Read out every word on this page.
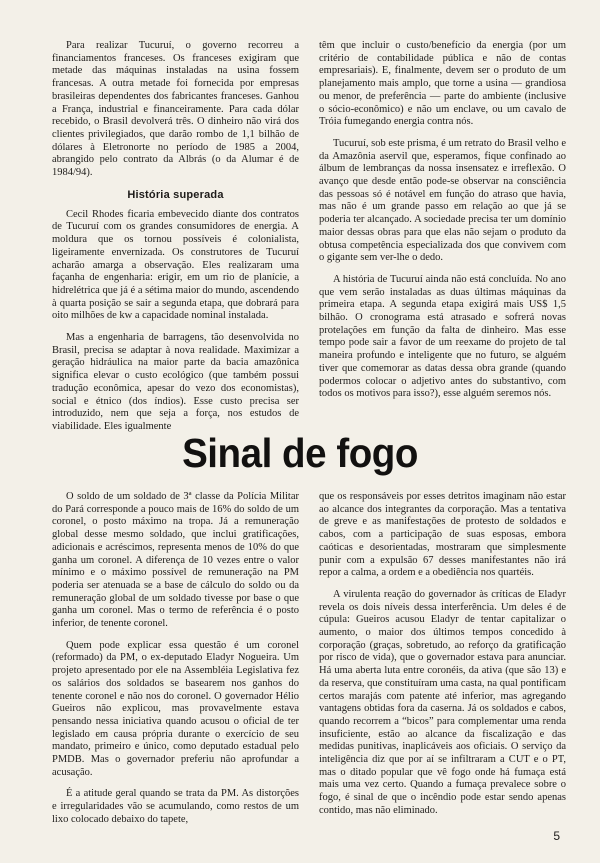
Para realizar Tucuruí, o governo recorreu a financiamentos franceses. Os franceses exigiram que metade das máquinas instaladas na usina fossem francesas. A outra metade foi fornecida por empresas brasileiras dependentes dos fabricantes franceses. Ganhou a França, industrial e financeiramente. Para cada dólar recebido, o Brasil devolverá três. O dinheiro não virá dos clientes privilegiados, que darão rombo de 1,1 bilhão de dólares à Eletronorte no período de 1985 a 2004, abrangido pelo contrato da Albrás (o da Alumar é de 1984/94).

História superada

Cecil Rhodes ficaria embevecido diante dos contratos de Tucuruí com os grandes consumidores de energia. A moldura que os tornou possíveis é colonialista, ligeiramente envernizada. Os construtores de Tucuruí acharão amarga a observação. Eles realizaram uma façanha de engenharia: erigir, em um rio de planície, a hidrelétrica que já é a sétima maior do mundo, ascendendo à quarta posição se sair a segunda etapa, que dobrará para oito milhões de kw a capacidade nominal instalada.

Mas a engenharia de barragens, tão desenvolvida no Brasil, precisa se adaptar à nova realidade. Maximizar a geração hidráulica na maior parte da bacia amazônica significa elevar o custo ecológico (que também possui tradução econômica, apesar do vezo dos economistas), social e étnico (dos índios). Esse custo precisa ser introduzido, nem que seja a força, nos estudos de viabilidade. Eles igualmente

têm que incluir o custo/benefício da energia (por um critério de contabilidade pública e não de contas empresariais). E, finalmente, devem ser o produto de um planejamento mais amplo, que torne a usina — grandiosa ou menor, de preferência — parte do ambiente (inclusive o sócio-econômico) e não um enclave, ou um cavalo de Tróia fumegando energia contra nós.

Tucuruí, sob este prisma, é um retrato do Brasil velho e da Amazônia aservil que, esperamos, fique confinado ao álbum de lembranças da nossa insensatez e irreflexão. O avanço que desde então pode-se observar na consciência das pessoas só é notável em função do atraso que havia, mas não é um grande passo em relação ao que já se poderia ter alcançado. A sociedade precisa ter um domínio maior dessas obras para que elas não sejam o produto da obtusa competência especializada dos que convivem com o gigante sem ver-lhe o dedo.

A história de Tucuruí ainda não está concluída. No ano que vem serão instaladas as duas últimas máquinas da primeira etapa. A segunda etapa exigirá mais US$ 1,5 bilhão. O cronograma está atrasado e sofrerá novas protelações em função da falta de dinheiro. Mas esse tempo pode sair a favor de um reexame do projeto de tal maneira profundo e inteligente que no futuro, se alguém tiver que comemorar as datas dessa obra grande (quando podermos colocar o adjetivo antes do substantivo, com todos os motivos para isso?), esse alguém seremos nós.

Sinal de fogo

O soldo de um soldado de 3ª classe da Polícia Militar do Pará corresponde a pouco mais de 16% do soldo de um coronel, o posto máximo na tropa. Já a remuneração global desse mesmo soldado, que inclui gratificações, adicionais e acréscimos, representa menos de 10% do que ganha um coronel. A diferença de 10 vezes entre o valor mínimo e o máximo possível de remuneração na PM poderia ser atenuada se a base de cálculo do soldo ou da remuneração global de um soldado tivesse por base o que ganha um coronel. Mas o termo de referência é o posto inferior, de tenente coronel.

Quem pode explicar essa questão é um coronel (reformado) da PM, o ex-deputado Eladyr Nogueira. Um projeto apresentado por ele na Assembléia Legislativa fez os salários dos soldados se basearem nos ganhos do tenente coronel e não nos do coronel. O governador Hélio Gueiros não explicou, mas provavelmente estava pensando nessa iniciativa quando acusou o oficial de ter legislado em causa própria durante o exercício de seu mandato, primeiro e único, como deputado estadual pelo PMDB. Mas o governador preferiu não aprofundar a acusação.

É a atitude geral quando se trata da PM. As distorções e irregularidades vão se acumulando, como restos de um lixo colocado debaixo do tapete,

que os responsáveis por esses detritos imaginam não estar ao alcance dos integrantes da corporação. Mas a tentativa de greve e as manifestações de protesto de soldados e cabos, com a participação de suas esposas, embora caóticas e desorientadas, mostraram que simplesmente punir com a expulsão 67 desses manifestantes não irá repor a calma, a ordem e a obediência nos quartéis.

A virulenta reação do governador às críticas de Eladyr revela os dois níveis dessa interferência. Um deles é de cúpula: Gueiros acusou Eladyr de tentar capitalizar o aumento, o maior dos últimos tempos concedido à corporação (graças, sobretudo, ao reforço da gratificação por risco de vida), que o governador estava para anunciar. Há uma aberta luta entre coronéis, da ativa (que são 13) e da reserva, que constituíram uma casta, na qual pontificam certos marajás com patente até inferior, mas agregando vantagens obtidas fora da caserna. Já os soldados e cabos, quando recorrem a “bicos” para complementar uma renda insuficiente, estão ao alcance da fiscalização e das medidas punitivas, inaplicáveis aos oficiais. O serviço da inteligência diz que por aí se infiltraram a CUT e o PT, mas o ditado popular que vê fogo onde há fumaça está mais uma vez certo. Quando a fumaça prevalece sobre o fogo, é sinal de que o incêndio pode estar sendo apenas contido, mas não eliminado.

5
